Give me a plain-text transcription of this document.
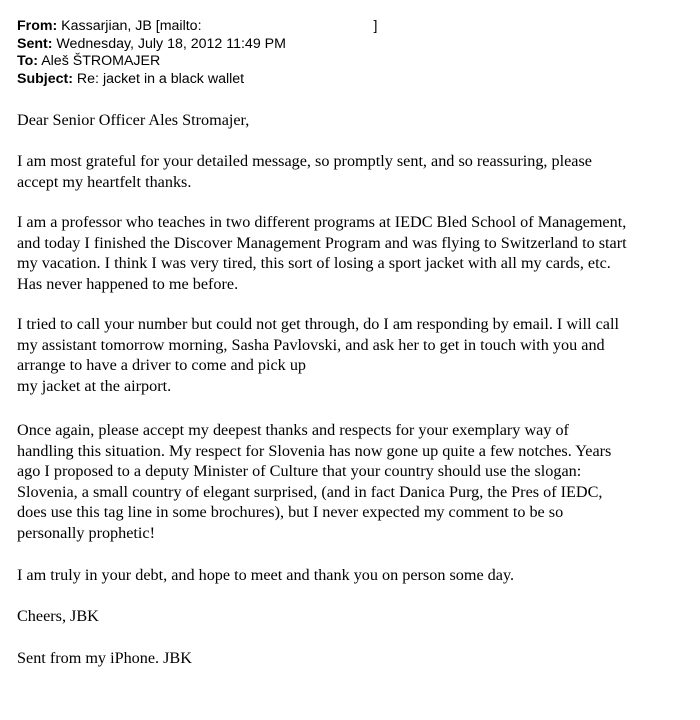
From: Kassarjian, JB [mailto:	]
Sent: Wednesday, July 18, 2012 11:49 PM
To: Aleš ŠTROMAJER
Subject: Re: jacket in a black wallet

Dear Senior Officer Ales Stromajer,

I am most grateful for your detailed message, so promptly sent, and so reassuring, please
accept my heartfelt thanks.

I am a professor who teaches in two different programs at IEDC Bled School of Management,
and today I finished the Discover Management Program and was flying to Switzerland to start
my vacation. I think I was very tired, this sort of losing a sport jacket with all my cards, etc.
Has never happened to me before.

I tried to call your number but could not get through, do I am responding by email. I will call
my assistant tomorrow morning, Sasha Pavlovski, and ask her to get in touch with you and
arrange to have a driver to come and pick up
my jacket at the airport.

Once again, please accept my deepest thanks and respects for your exemplary way of
handling this situation. My respect for Slovenia has now gone up quite a few notches. Years
ago I proposed to a deputy Minister of Culture that your country should use the slogan:
Slovenia, a small country of elegant surprised, (and in fact Danica Purg, the Pres of IEDC,
does use this tag line in some brochures), but I never expected my comment to be so
personally prophetic!

I am truly in your debt, and hope to meet and thank you on person some day.

Cheers, JBK

Sent from my iPhone. JBK
